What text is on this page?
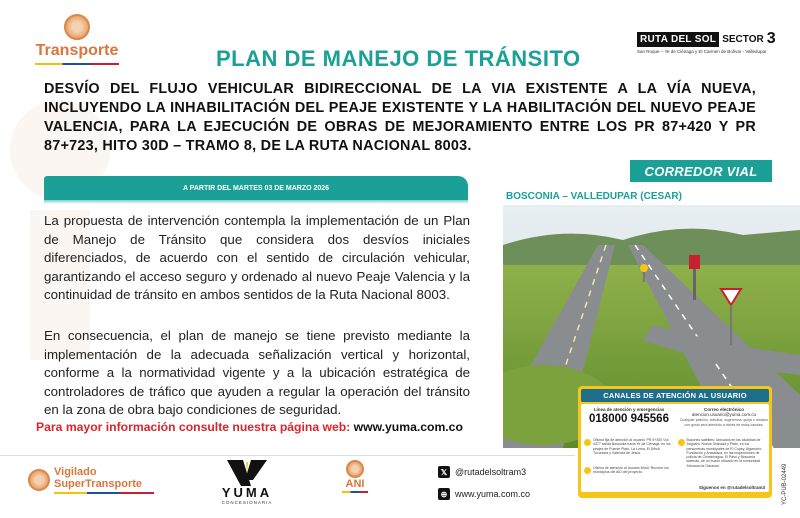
Transporte	PLAN DE MANEJO DE TRÁNSITO
RUTA DEL SOL SECTOR 3
San Roque – Ye de Ciénaga y El Carmen de Bolívar - Valledupar
DESVÍO DEL FLUJO VEHICULAR BIDIRECCIONAL DE LA VIA EXISTENTE A LA VÍA NUEVA, INCLUYENDO LA INHABILITACIÓN DEL PEAJE EXISTENTE Y LA HABILITACIÓN DEL NUEVO PEAJE VALENCIA, PARA LA EJECUCIÓN DE OBRAS DE MEJORAMIENTO ENTRE LOS PR 87+420 Y PR 87+723, HITO 30D – TRAMO 8, DE LA RUTA NACIONAL 8003.
A PARTIR DEL MARTES 03 DE MARZO 2026

La propuesta de intervención contempla la implementación de un Plan de Manejo de Tránsito que considera dos desvíos iniciales diferenciados, de acuerdo con el sentido de circulación vehicular, garantizando el acceso seguro y ordenado al nuevo Peaje Valencia y la continuidad de tránsito en ambos sentidos de la Ruta Nacional 8003.

En consecuencia, el plan de manejo se tiene previsto mediante la implementación de la adecuada señalización vertical y horizontal, conforme a la normatividad vigente y a la ubicación estratégica de controladores de tráfico que ayuden a regular la operación del tránsito en la zona de obra bajo condiciones de seguridad.

Para mayor información consulte nuestra página web: www.yuma.com.co
CORREDOR VIAL
BOSCONIA – VALLEDUPAR (CESAR)
CANALES DE ATENCIÓN AL USUARIO
Línea de atención y emergencias
018000 945566
Correo electrónico
atencion.usuario@yuma.com.co
Cualquier petición, solicitud, sugerencia, queja o reclamo con gusto será atendido a través de estos canales.
Oficina fija de atención al usuario: PR 5+300 Vía 4377 salida Bosconia hacia Ye de Ciénaga, en los peajes de Puente Plato, La Loma, El Difícil, Tucurinca y Valencia de Jesús.
Buzones satélites: Ubicados en las alcaldías de Ariguaní, Nueva Granada y Plato, en los personerías municipales de El Copey, Algarrobo, Fundación y Aracataca, en las inspecciones de policía de Chimichagua, El Paso y Bosconia además, de un buzón ubicado en la comunidad Arhuaca de Garacarí.
Oficina de atención al Usuario Móvil: Recorre los municipios del AID del proyecto.
Síguenos en @rutadelsoltram3
Vigilado
SuperTransporte
YUMA
CONCESIONARIA
ANI
𝕏 @rutadelsoltram3
⊕ www.yuma.com.co	YC-PUB-02449
